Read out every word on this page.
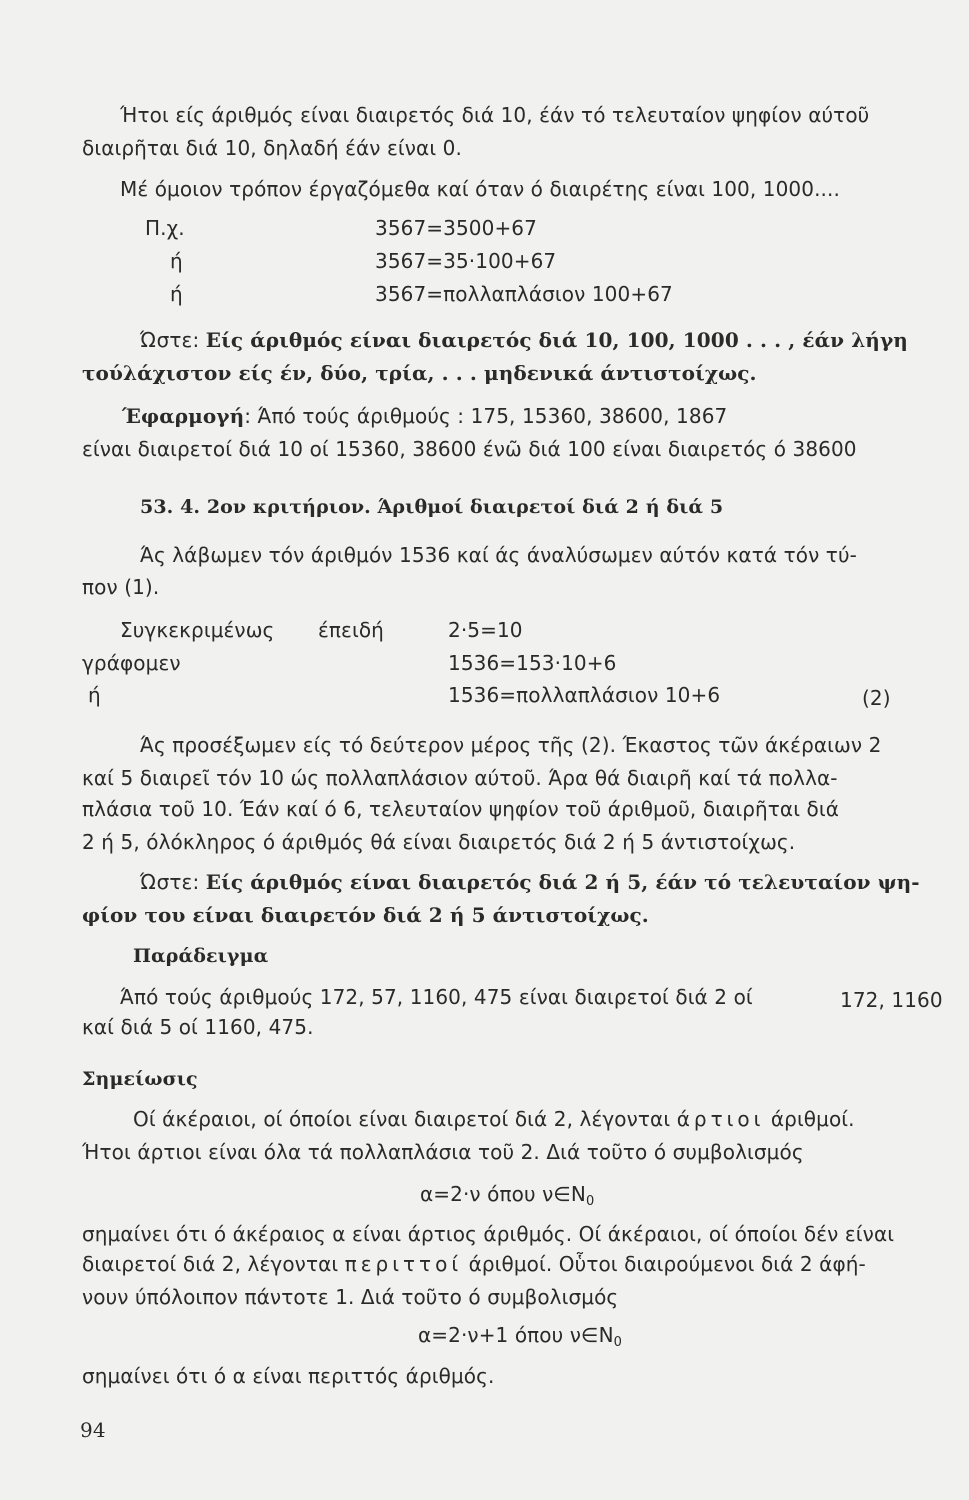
Ήτοι είς άριθμός είναι διαιρετός διά 10, έάν τό τελευταίον ψηφίον αύτοῦ
διαιρῆται διά 10, δηλαδή έάν είναι 0.
Μέ όμοιον τρόπον έργαζόμεθα καί όταν ό διαιρέτης είναι 100, 1000....
Π.χ.	3567=3500+67
ή	3567=35·100+67
ή	3567=πολλαπλάσιον 100+67
Ώστε: Είς άριθμός είναι διαιρετός διά 10, 100, 1000 . . . , έάν λήγη
τούλάχιστον είς έν, δύο, τρία, . . . μηδενικά άντιστοίχως.
Έφαρμογή: Άπό τούς άριθμούς : 175, 15360, 38600, 1867
είναι διαιρετοί διά 10 οί 15360, 38600 ένῶ διά 100 είναι διαιρετός ό 38600
53. 4. 2ον κριτήριον. Άριθμοί διαιρετοί διά 2 ή διά 5
Άς λάβωμεν τόν άριθμόν 1536 καί άς άναλύσωμεν αύτόν κατά τόν τύ-
πον (1).
Συγκεκριμένως έπειδή	2·5=10
γράφομεν	1536=153·10+6
ή	1536=πολλαπλάσιον 10+6	(2)
Άς προσέξωμεν είς τό δεύτερον μέρος τῆς (2). Έκαστος τῶν άκέραιων 2
καί 5 διαιρεῖ τόν 10 ώς πολλαπλάσιον αύτοῦ. Άρα θά διαιρῆ καί τά πολλα-
πλάσια τοῦ 10. Έάν καί ό 6, τελευταίον ψηφίον τοῦ άριθμοῦ, διαιρῆται διά
2 ή 5, όλόκληρος ό άριθμός θά είναι διαιρετός διά 2 ή 5 άντιστοίχως.
Ώστε: Είς άριθμός είναι διαιρετός διά 2 ή 5, έάν τό τελευταίον ψη-
φίον του είναι διαιρετόν διά 2 ή 5 άντιστοίχως.
Παράδειγμα
Άπό τούς άριθμούς 172, 57, 1160, 475 είναι διαιρετοί διά 2 οί	172, 1160
καί διά 5 οί 1160, 475.
Σημείωσις
Οί άκέραιοι, οί όποίοι είναι διαιρετοί διά 2, λέγονται άρτιοι άριθμοί.
Ήτοι άρτιοι είναι όλα τά πολλαπλάσια τοῦ 2. Διά τοῦτο ό συμβολισμός
α=2·ν όπου $\nu\in N_0$
σημαίνει ότι ό άκέραιος α είναι άρτιος άριθμός. Οί άκέραιοι, οί όποίοι δέν είναι
διαιρετοί διά 2, λέγονται περιττοί άριθμοί. Οὗτοι διαιρούμενοι διά 2 άφή-
νουν ύπόλοιπον πάντοτε 1. Διά τοῦτο ό συμβολισμός
α=2·ν+1 όπου $\nu\in N_0$
σημαίνει ότι ό α είναι περιττός άριθμός.
94
